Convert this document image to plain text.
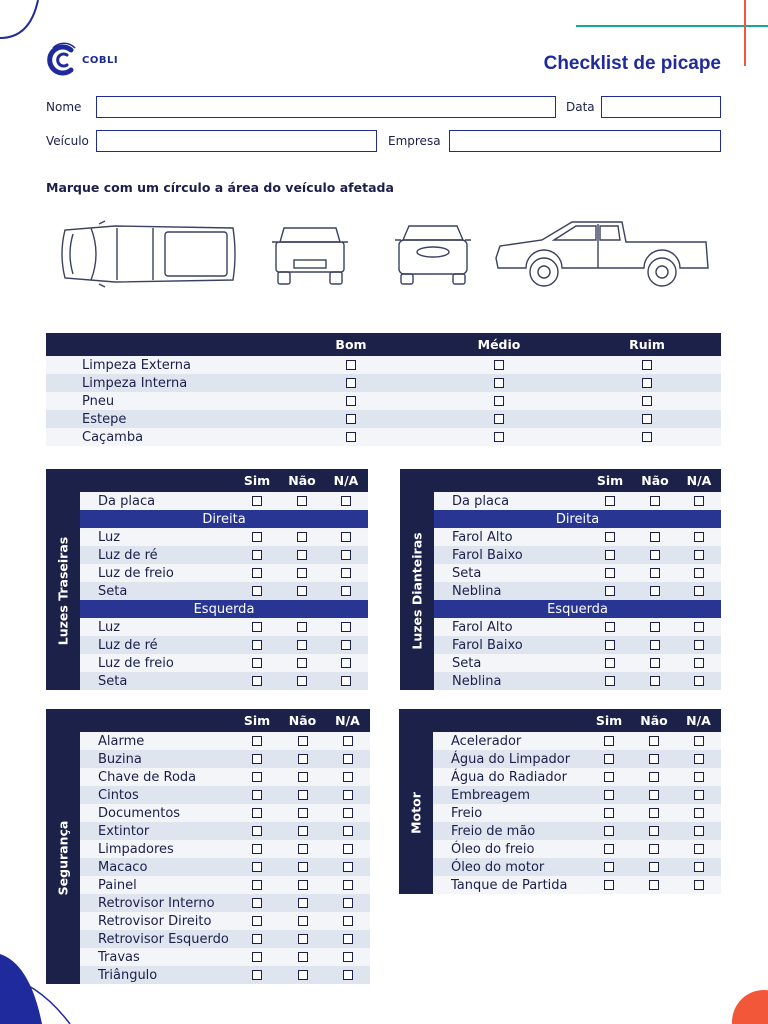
COBLI	Checklist de picape
Nome	Data
Veículo	Empresa
Marque com um círculo a área do veículo afetada
	Bom	Médio	Ruim
Limpeza Externa			
Limpeza Interna			
Pneu			
Estepe			
Caçamba			
		Sim	Não	N/A

Luzes Traseiras	Da placa			
	Direita			
	Luz			
	Luz de ré			
	Luz de freio			
	Seta			
	Esquerda			
	Luz			
	Luz de ré			
	Luz de freio			
	Seta			
		Sim	Não	N/A

Luzes Dianteiras	Da placa			
	Direita			
	Farol Alto			
	Farol Baixo			
	Seta			
	Neblina			
	Esquerda			
	Farol Alto			
	Farol Baixo			
	Seta			
	Neblina			
		Sim	Não	N/A

Segurança	Alarme			
	Buzina			
	Chave de Roda			
	Cintos			
	Documentos			
	Extintor			
	Limpadores			
	Macaco			
	Painel			
	Retrovisor Interno			
	Retrovisor Direito			
	Retrovisor Esquerdo			
	Travas			
	Triângulo			
		Sim	Não	N/A

Motor	Acelerador			
	Água do Limpador			
	Água do Radiador			
	Embreagem			
	Freio			
	Freio de mão			
	Óleo do freio			
	Óleo do motor			
	Tanque de Partida			
